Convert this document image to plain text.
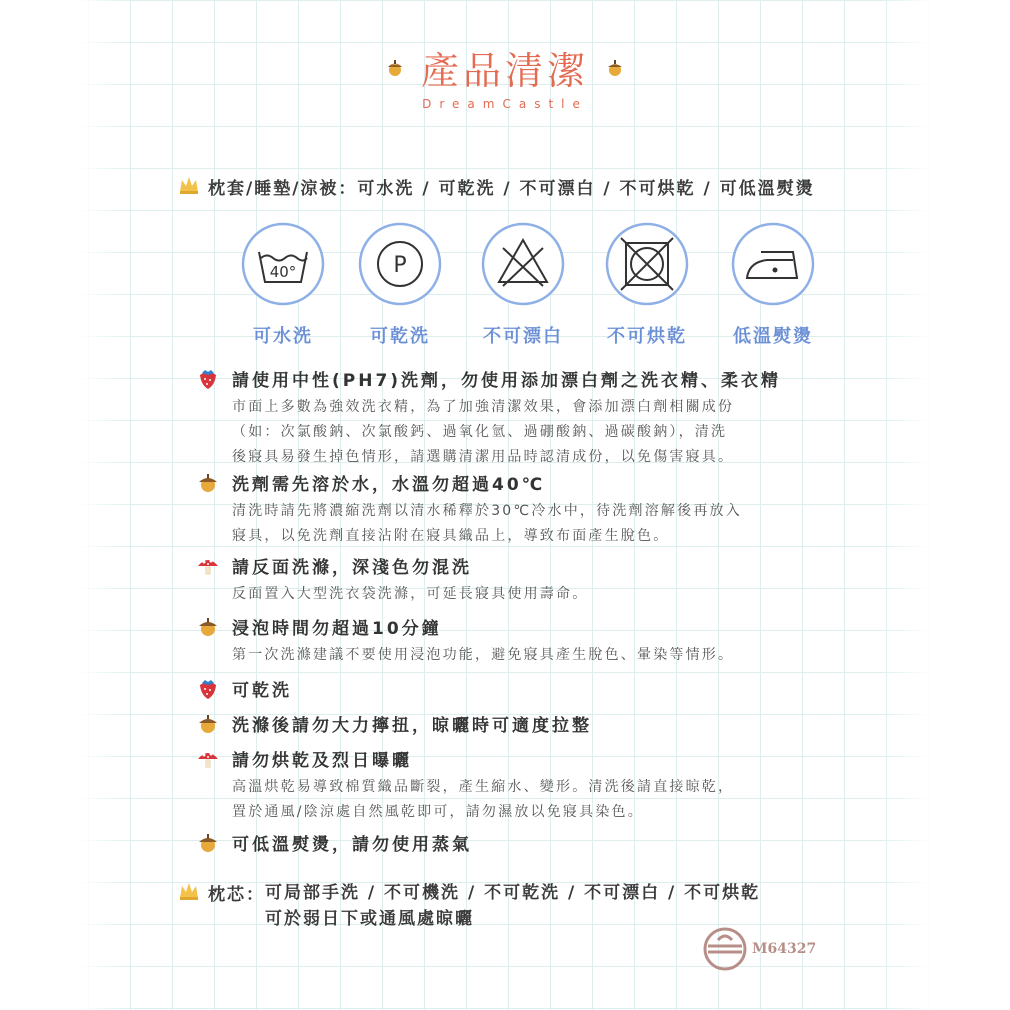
產品清潔
DreamCastle
枕套/睡墊/涼被：可水洗 / 可乾洗 / 不可漂白 / 不可烘乾 / 可低溫熨燙
40°
可水洗
P
可乾洗	不可漂白	不可烘乾	低溫熨燙
請使用中性(PH7)洗劑，勿使用添加漂白劑之洗衣精、柔衣精

市面上多數為強效洗衣精，為了加強清潔效果，會添加漂白劑相關成份

（如：次氯酸鈉、次氯酸鈣、過氧化氫、過硼酸鈉、過碳酸鈉），清洗

後寢具易發生掉色情形，請選購清潔用品時認清成份，以免傷害寢具。

洗劑需先溶於水，水溫勿超過40℃

清洗時請先將濃縮洗劑以清水稀釋於30℃冷水中，待洗劑溶解後再放入

寢具，以免洗劑直接沾附在寢具織品上，導致布面產生脫色。

請反面洗滌，深淺色勿混洗

反面置入大型洗衣袋洗滌，可延長寢具使用壽命。

浸泡時間勿超過10分鐘

第一次洗滌建議不要使用浸泡功能，避免寢具產生脫色、暈染等情形。

可乾洗
洗滌後請勿大力擰扭，晾曬時可適度拉整
請勿烘乾及烈日曝曬

高溫烘乾易導致棉質織品斷裂，產生縮水、變形。清洗後請直接晾乾，

置於通風/陰涼處自然風乾即可，請勿濕放以免寢具染色。

可低溫熨燙，請勿使用蒸氣
枕芯： 可局部手洗 / 不可機洗 / 不可乾洗 / 不可漂白 / 不可烘乾
可於弱日下或通風處晾曬
M64327
